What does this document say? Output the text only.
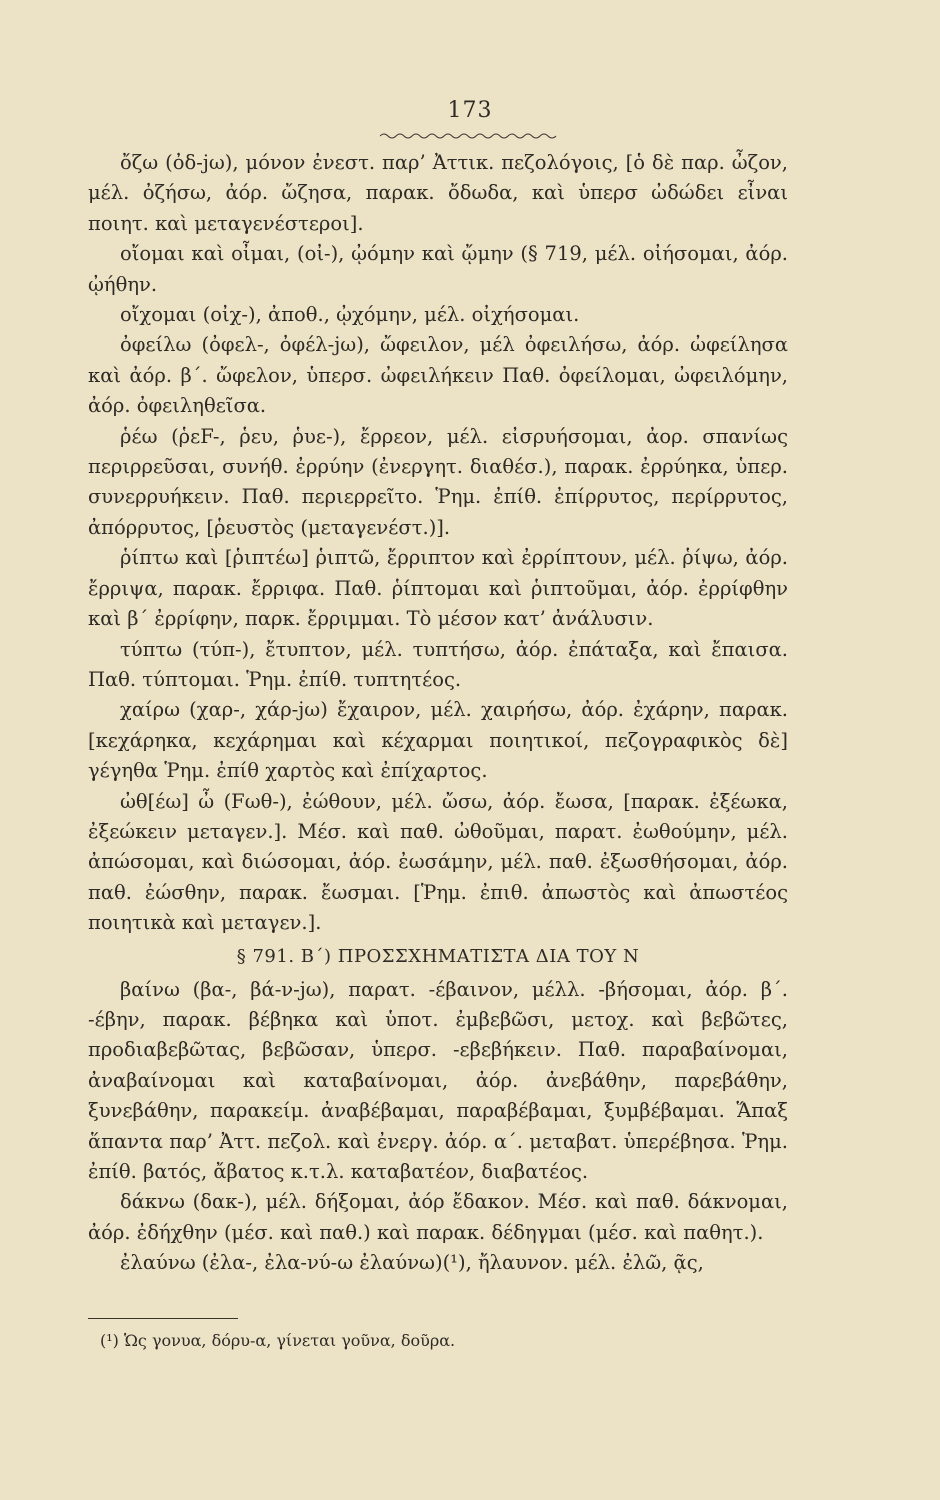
173

ὄζω (ὀδ-jω), μόνον ἐνεστ. παρ’ Ἀττικ. πεζολόγοις, [ὁ δὲ παρ. ὦζον, μέλ. ὀζήσω, ἀόρ. ὤζησα, παρακ. ὄδωδα, καὶ ὑπερσ ὠδώδει εἶναι ποιητ. καὶ μεταγενέστεροι].

οἴομαι καὶ οἶμαι, (οἰ-), ᾠόμην καὶ ᾤμην (§ 719, μέλ. οἰήσομαι, ἀόρ. ᾠήθην.

οἴχομαι (οἰχ-), ἀποθ., ᾠχόμην, μέλ. οἰχήσομαι.

ὀφείλω (ὀφελ-, ὀφέλ-jω), ὤφειλον, μέλ ὀφειλήσω, ἀόρ. ὠφείλησα καὶ ἀόρ. β΄. ὤφελον, ὑπερσ. ὠφειλήκειν Παθ. ὀφείλομαι, ὠφειλόμην, ἀόρ. ὀφειληθεῖσα.

ῥέω (ῥεF-, ῥευ, ῥυε-), ἔρρεον, μέλ. εἰσρυήσομαι, ἀορ. σπανίως περιρρεῦσαι, συνήθ. ἐρρύην (ἐνεργητ. διαθέσ.), παρακ. ἐρρύηκα, ὑπερ. συνερρυήκειν. Παθ. περιερρεῖτο. Ῥημ. ἐπίθ. ἐπίρρυτος, περίρρυτος, ἀπόρρυτος, [ῥευστὸς (μεταγενέστ.)].

ῥίπτω καὶ [ῥιπτέω] ῥιπτῶ, ἔρριπτον καὶ ἐρρίπτουν, μέλ. ῥίψω, ἀόρ. ἔρριψα, παρακ. ἔρριφα. Παθ. ῥίπτομαι καὶ ῥιπτοῦμαι, ἀόρ. ἐρρίφθην καὶ β΄ ἐρρίφην, παρκ. ἔρριμμαι. Τὸ μέσον κατ’ ἀνάλυσιν.

τύπτω (τύπ-), ἔτυπτον, μέλ. τυπτήσω, ἀόρ. ἐπάταξα, καὶ ἔπαισα. Παθ. τύπτομαι. Ῥημ. ἐπίθ. τυπτητέος.

χαίρω (χαρ-, χάρ-jω) ἔχαιρον, μέλ. χαιρήσω, ἀόρ. ἐχάρην, παρακ. [κεχάρηκα, κεχάρημαι καὶ κέχαρμαι ποιητικοί, πεζογραφικὸς δὲ] γέγηθα Ῥημ. ἐπίθ χαρτὸς καὶ ἐπίχαρτος.

ὠθ[έω] ὦ (Fωθ-), ἐώθουν, μέλ. ὤσω, ἀόρ. ἔωσα, [παρακ. ἐξέωκα, ἐξεώκειν μεταγεν.]. Μέσ. καὶ παθ. ὠθοῦμαι, παρατ. ἐωθούμην, μέλ. ἀπώσομαι, καὶ διώσομαι, ἀόρ. ἐωσάμην, μέλ. παθ. ἐξωσθήσομαι, ἀόρ. παθ. ἐώσθην, παρακ. ἔωσμαι. [Ῥημ. ἐπιθ. ἀπωστὸς καὶ ἀπωστέος ποιητικὰ καὶ μεταγεν.].

§ 791. Β΄) ΠΡΟΣΣΧΗΜΑΤΙΣΤΑ ΔΙΑ ΤΟΥ Ν

βαίνω (βα-, βά-ν-jω), παρατ. -έβαινον, μέλλ. -βήσομαι, ἀόρ. β΄. -έβην, παρακ. βέβηκα καὶ ὑποτ. ἐμβεβῶσι, μετοχ. καὶ βεβῶτες, προδιαβεβῶτας, βεβῶσαν, ὑπερσ. -εβεβήκειν. Παθ. παραβαίνομαι, ἀναβαίνομαι καὶ καταβαίνομαι, ἀόρ. ἀνεβάθην, παρεβάθην, ξυνεβάθην, παρακείμ. ἀναβέβαμαι, παραβέβαμαι, ξυμβέβαμαι. Ἅπαξ ἅπαντα παρ’ Ἀττ. πεζολ. καὶ ἐνεργ. ἀόρ. α΄. μεταβατ. ὑπερέβησα. Ῥημ. ἐπίθ. βατός, ἄβατος κ.τ.λ. καταβατέον, διαβατέος.

δάκνω (δακ-), μέλ. δήξομαι, ἀόρ ἔδακον. Μέσ. καὶ παθ. δάκνομαι, ἀόρ. ἐδήχθην (μέσ. καὶ παθ.) καὶ παρακ. δέδηγμαι (μέσ. καὶ παθητ.).

ἐλαύνω (ἐλα-, ἐλα-νύ-ω ἐλαύνω)(¹), ἤλαυνον. μέλ. ἐλῶ, ᾷς,

(¹) Ὡς γονυα, δόρυ-α, γίνεται γοῦνα, δοῦρα.
